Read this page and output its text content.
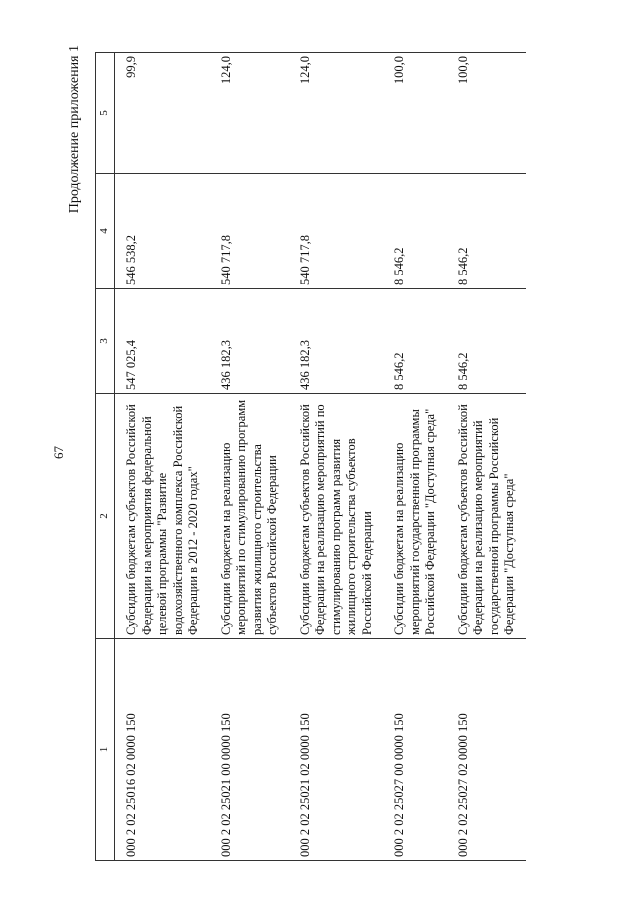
67
Продолжение приложения 1
1	2	3	4	5
000 2 02 25016 02 0000 150	Субсидии бюджетам субъектов Российской Федерации на мероприятия федеральной целевой программы "Развитие водохозяйственного комплекса Российской Федерации в 2012 - 2020 годах"	547 025,4	546 538,2	99,9
000 2 02 25021 00 0000 150	Субсидии бюджетам на реализацию мероприятий по стимулированию программ развития жилищного строительства субъектов Российской Федерации	436 182,3	540 717,8	124,0
000 2 02 25021 02 0000 150	Субсидии бюджетам субъектов Российской Федерации на реализацию мероприятий по стимулированию программ развития жилищного строительства субъектов Российской Федерации	436 182,3	540 717,8	124,0
000 2 02 25027 00 0000 150	Субсидии бюджетам на реализацию мероприятий государственной программы Российской Федерации "Доступная среда"	8 546,2	8 546,2	100,0
000 2 02 25027 02 0000 150	Субсидии бюджетам субъектов Российской Федерации на реализацию мероприятий государственной программы Российской Федерации "Доступная среда"	8 546,2	8 546,2	100,0
